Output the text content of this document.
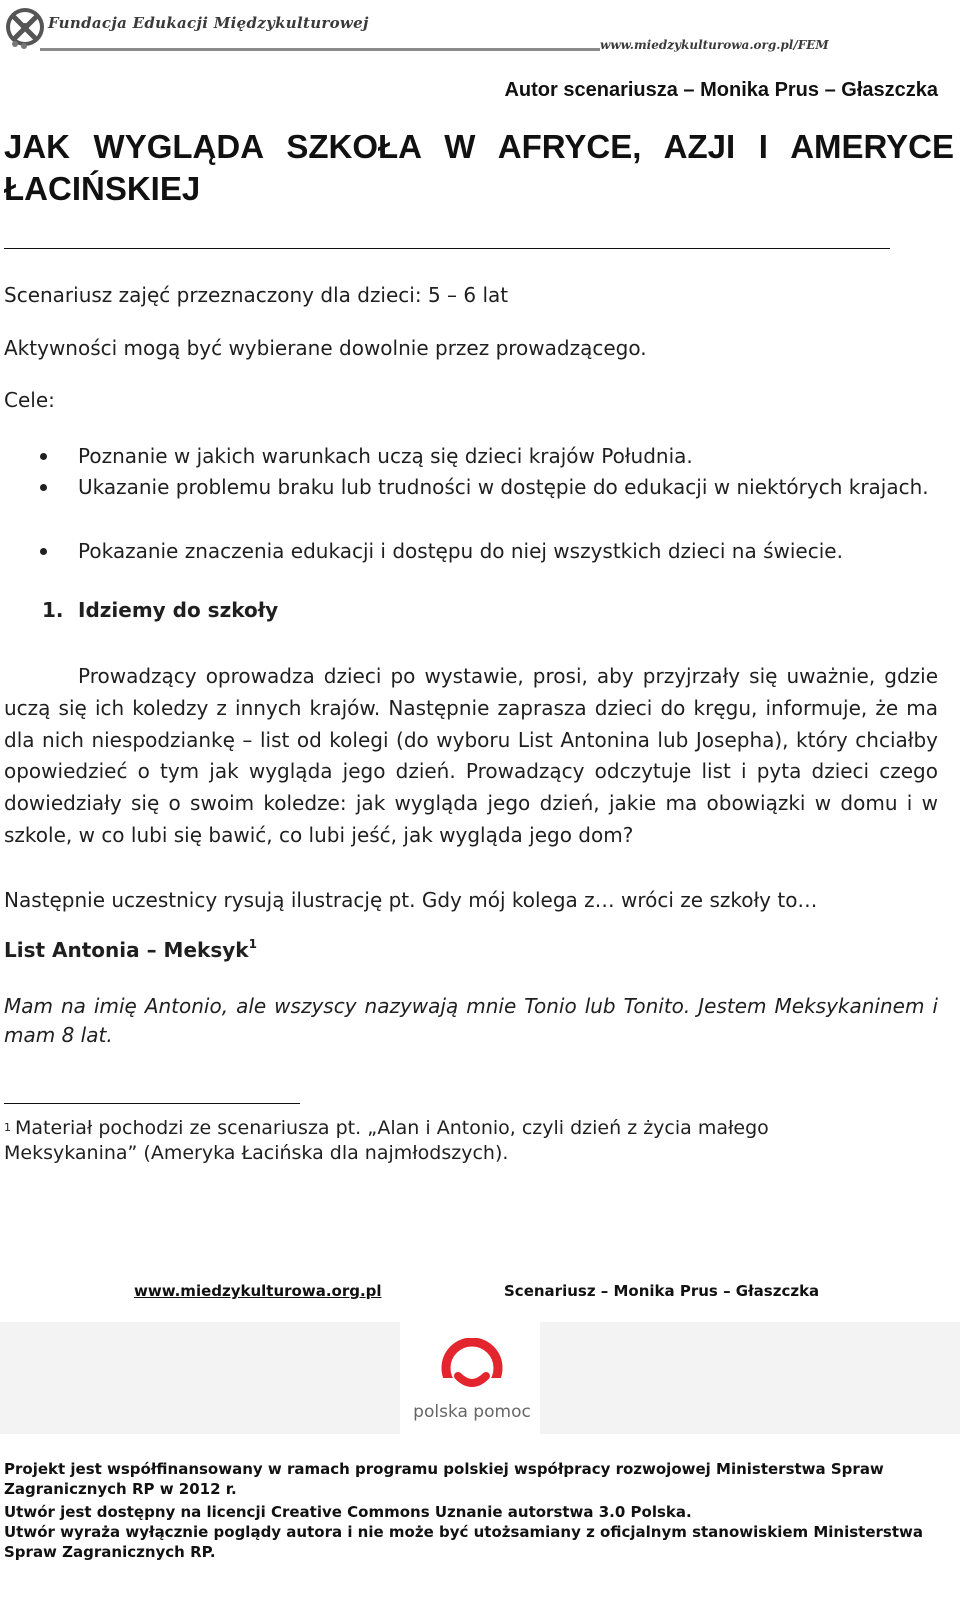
Fundacja Edukacji Międzykulturowej
www.miedzykulturowa.org.pl/FEM
Autor scenariusza – Monika Prus – Głaszczka
JAK WYGLĄDA SZKOŁA W AFRYCE, AZJI I AMERYCE ŁACIŃSKIEJ
Scenariusz zajęć przeznaczony dla dzieci: 5 – 6 lat
Aktywności mogą być wybierane dowolnie przez prowadzącego.
Cele:
Poznanie w jakich warunkach uczą się dzieci krajów Południa.
Ukazanie problemu braku lub trudności w dostępie do edukacji w niektórych krajach.
Pokazanie znaczenia edukacji i dostępu do niej wszystkich dzieci na świecie.
1. Idziemy do szkoły

Prowadzący oprowadza dzieci po wystawie, prosi, aby przyjrzały się uważnie, gdzie uczą się ich koledzy z innych krajów. Następnie zaprasza dzieci do kręgu, informuje, że ma dla nich niespodziankę – list od kolegi (do wyboru List Antonina lub Josepha), który chciałby opowiedzieć o tym jak wygląda jego dzień. Prowadzący odczytuje list i pyta dzieci czego dowiedziały się o swoim koledze: jak wygląda jego dzień, jakie ma obowiązki w domu i w szkole, w co lubi się bawić, co lubi jeść, jak wygląda jego dom?

Następnie uczestnicy rysują ilustrację pt. Gdy mój kolega z… wróci ze szkoły to…

List Antonia – Meksyk$^1$

Mam na imię Antonio, ale wszyscy nazywają mnie Tonio lub Tonito. Jestem Meksykaninem i mam 8 lat.

$^1$ Materiał pochodzi ze scenariusza pt. „Alan i Antonio, czyli dzień z życia małego Meksykanina” (Ameryka Łacińska dla najmłodszych).

www.miedzykulturowa.org.pl	Scenariusz – Monika Prus – Głaszczka
polska pomoc
Projekt jest współfinansowany w ramach programu polskiej współpracy rozwojowej Ministerstwa Spraw Zagranicznych RP w 2012 r.
Utwór jest dostępny na licencji Creative Commons Uznanie autorstwa 3.0 Polska.
Utwór wyraża wyłącznie poglądy autora i nie może być utożsamiany z oficjalnym stanowiskiem Ministerstwa Spraw Zagranicznych RP.
